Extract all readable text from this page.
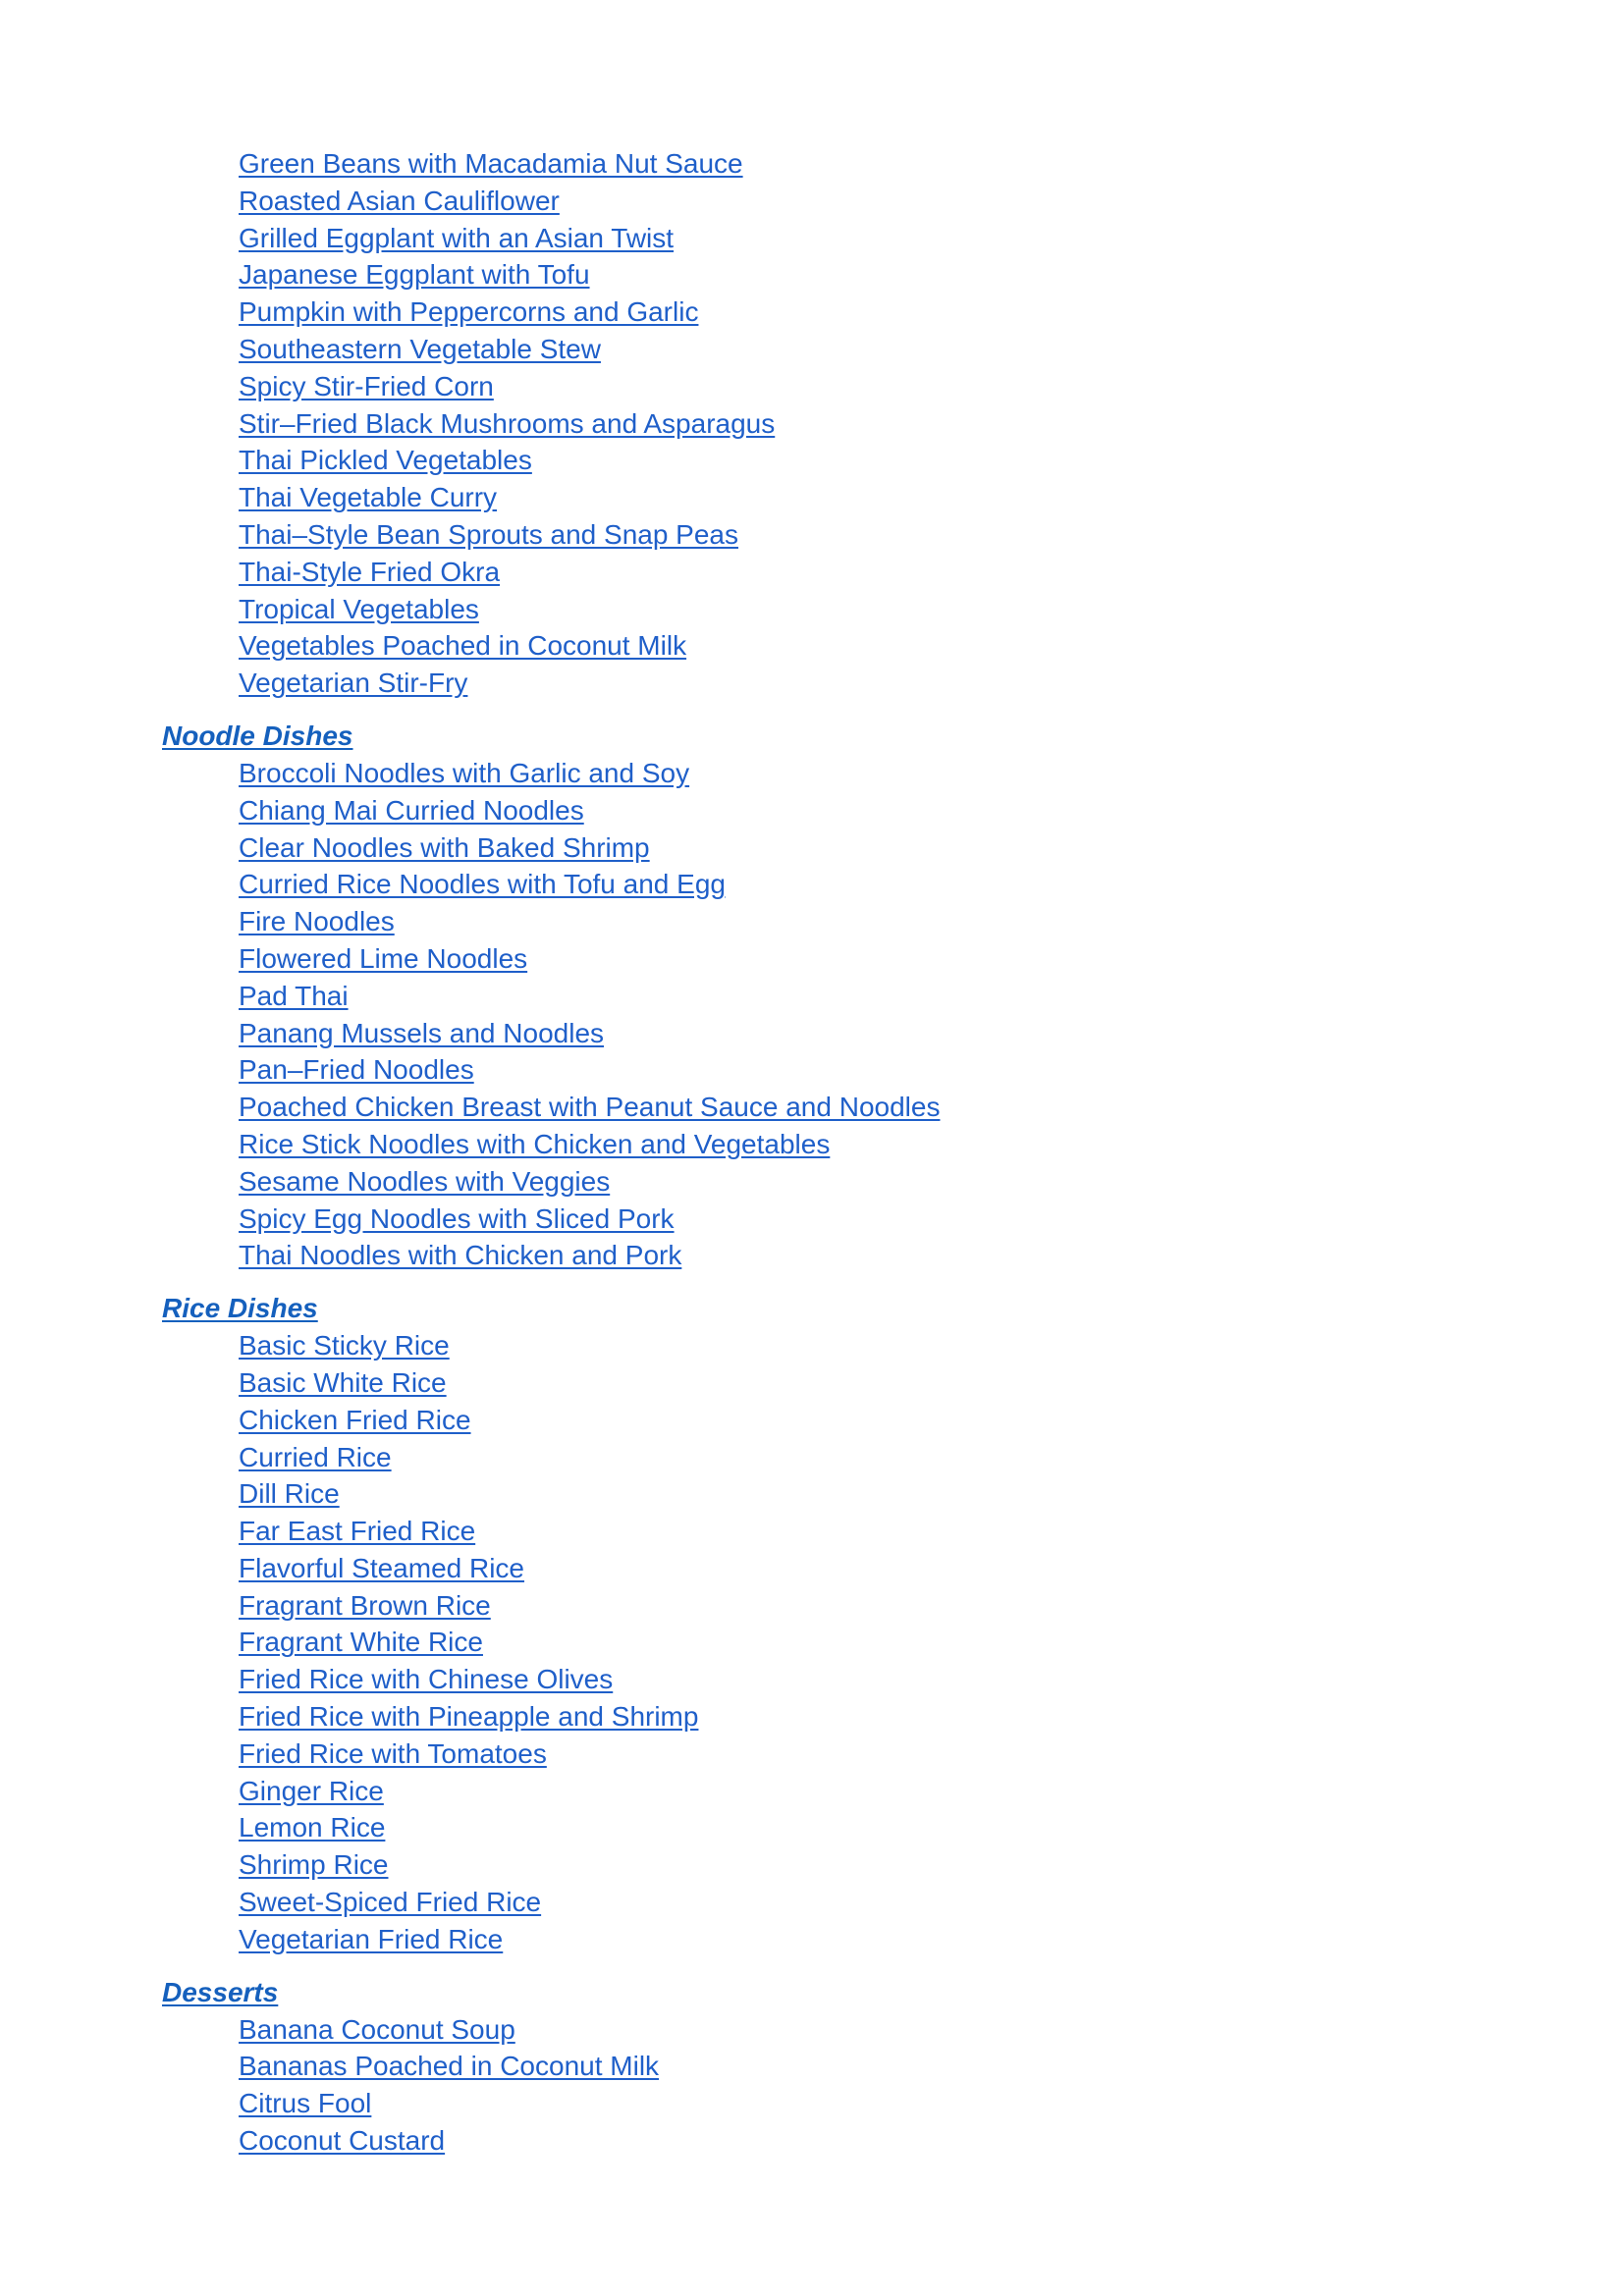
Green Beans with Macadamia Nut Sauce
Roasted Asian Cauliflower
Grilled Eggplant with an Asian Twist
Japanese Eggplant with Tofu
Pumpkin with Peppercorns and Garlic
Southeastern Vegetable Stew
Spicy Stir-Fried Corn
Stir–Fried Black Mushrooms and Asparagus
Thai Pickled Vegetables
Thai Vegetable Curry
Thai–Style Bean Sprouts and Snap Peas
Thai-Style Fried Okra
Tropical Vegetables
Vegetables Poached in Coconut Milk
Vegetarian Stir-Fry
Noodle Dishes
Broccoli Noodles with Garlic and Soy
Chiang Mai Curried Noodles
Clear Noodles with Baked Shrimp
Curried Rice Noodles with Tofu and Egg
Fire Noodles
Flowered Lime Noodles
Pad Thai
Panang Mussels and Noodles
Pan–Fried Noodles
Poached Chicken Breast with Peanut Sauce and Noodles
Rice Stick Noodles with Chicken and Vegetables
Sesame Noodles with Veggies
Spicy Egg Noodles with Sliced Pork
Thai Noodles with Chicken and Pork
Rice Dishes
Basic Sticky Rice
Basic White Rice
Chicken Fried Rice
Curried Rice
Dill Rice
Far East Fried Rice
Flavorful Steamed Rice
Fragrant Brown Rice
Fragrant White Rice
Fried Rice with Chinese Olives
Fried Rice with Pineapple and Shrimp
Fried Rice with Tomatoes
Ginger Rice
Lemon Rice
Shrimp Rice
Sweet-Spiced Fried Rice
Vegetarian Fried Rice
Desserts
Banana Coconut Soup
Bananas Poached in Coconut Milk
Citrus Fool
Coconut Custard
